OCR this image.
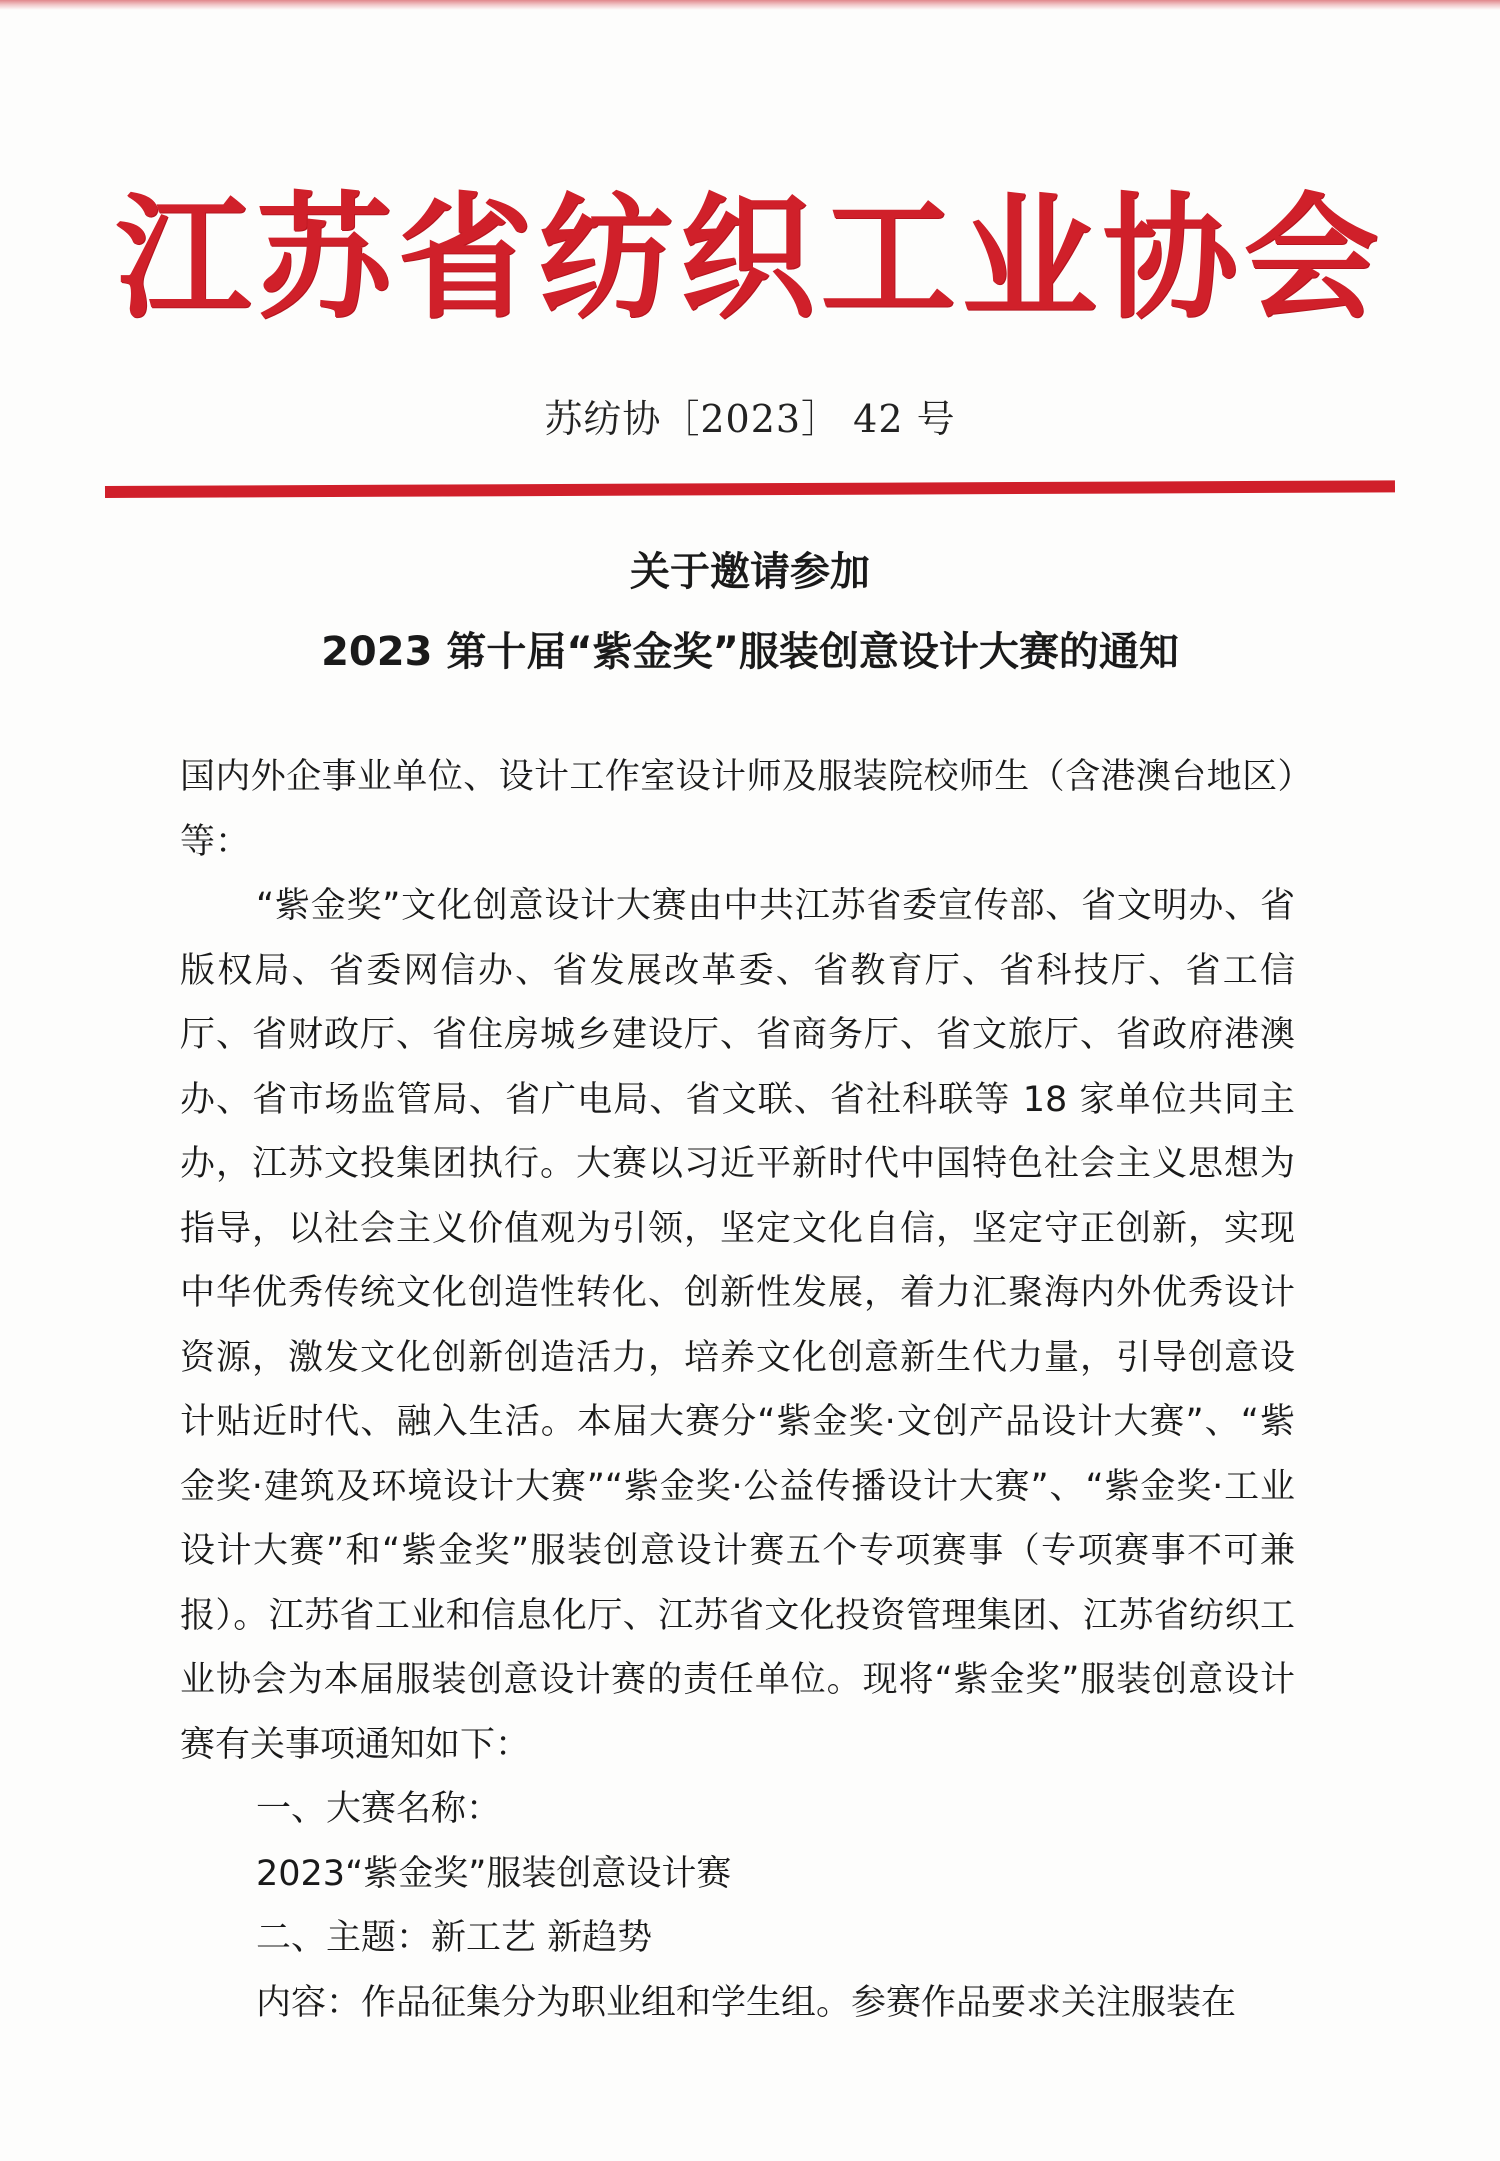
江苏省纺织工业协会
苏纺协［2023］ 42 号
关于邀请参加
2023 第十届“紫金奖”服装创意设计大赛的通知

国内外企事业单位、设计工作室设计师及服装院校师生（含港澳台地区）等：

“紫金奖”文化创意设计大赛由中共江苏省委宣传部、省文明办、省版权局、省委网信办、省发展改革委、省教育厅、省科技厅、省工信厅、省财政厅、省住房城乡建设厅、省商务厅、省文旅厅、省政府港澳办、省市场监管局、省广电局、省文联、省社科联等 18 家单位共同主办，江苏文投集团执行。大赛以习近平新时代中国特色社会主义思想为指导，以社会主义价值观为引领，坚定文化自信，坚定守正创新，实现中华优秀传统文化创造性转化、创新性发展，着力汇聚海内外优秀设计资源，激发文化创新创造活力，培养文化创意新生代力量，引导创意设计贴近时代、融入生活。本届大赛分“紫金奖·文创产品设计大赛”、“紫金奖·建筑及环境设计大赛”“紫金奖·公益传播设计大赛”、“紫金奖·工业设计大赛”和“紫金奖”服装创意设计赛五个专项赛事（专项赛事不可兼报）。江苏省工业和信息化厅、江苏省文化投资管理集团、江苏省纺织工业协会为本届服装创意设计赛的责任单位。现将“紫金奖”服装创意设计赛有关事项通知如下：

一、大赛名称：

2023“紫金奖”服装创意设计赛

二、主题：新工艺 新趋势

内容：作品征集分为职业组和学生组。参赛作品要求关注服装在
